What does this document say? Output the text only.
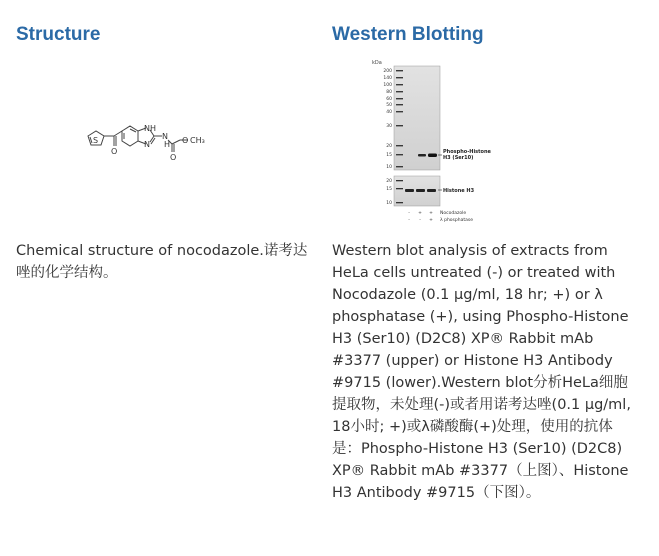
Structure
S
O
NH
N
N
H
O
O CH₃
Chemical structure of nocodazole.诺考达唑的化学结构。
Western Blotting
kDa
200
140
100
80
60
50
40
30
20
15
10
20
15
10
Phospho-Histone
H3 (Ser10)
Histone H3
- + +
- - +
Nocodazole
λ phosphatase
Western blot analysis of extracts from HeLa cells untreated (-) or treated with Nocodazole (0.1 µg/ml, 18 hr; +) or λ phosphatase (+), using Phospho-Histone H3 (Ser10) (D2C8) XP® Rabbit mAb #3377 (upper) or Histone H3 Antibody #9715 (lower).Western blot分析HeLa细胞提取物，未处理(-)或者用诺考达唑(0.1 µg/ml, 18小时; +)或λ磷酸酶(+)处理，使用的抗体是：Phospho-Histone H3 (Ser10) (D2C8) XP® Rabbit mAb #3377（上图）、Histone H3 Antibody #9715（下图）。
